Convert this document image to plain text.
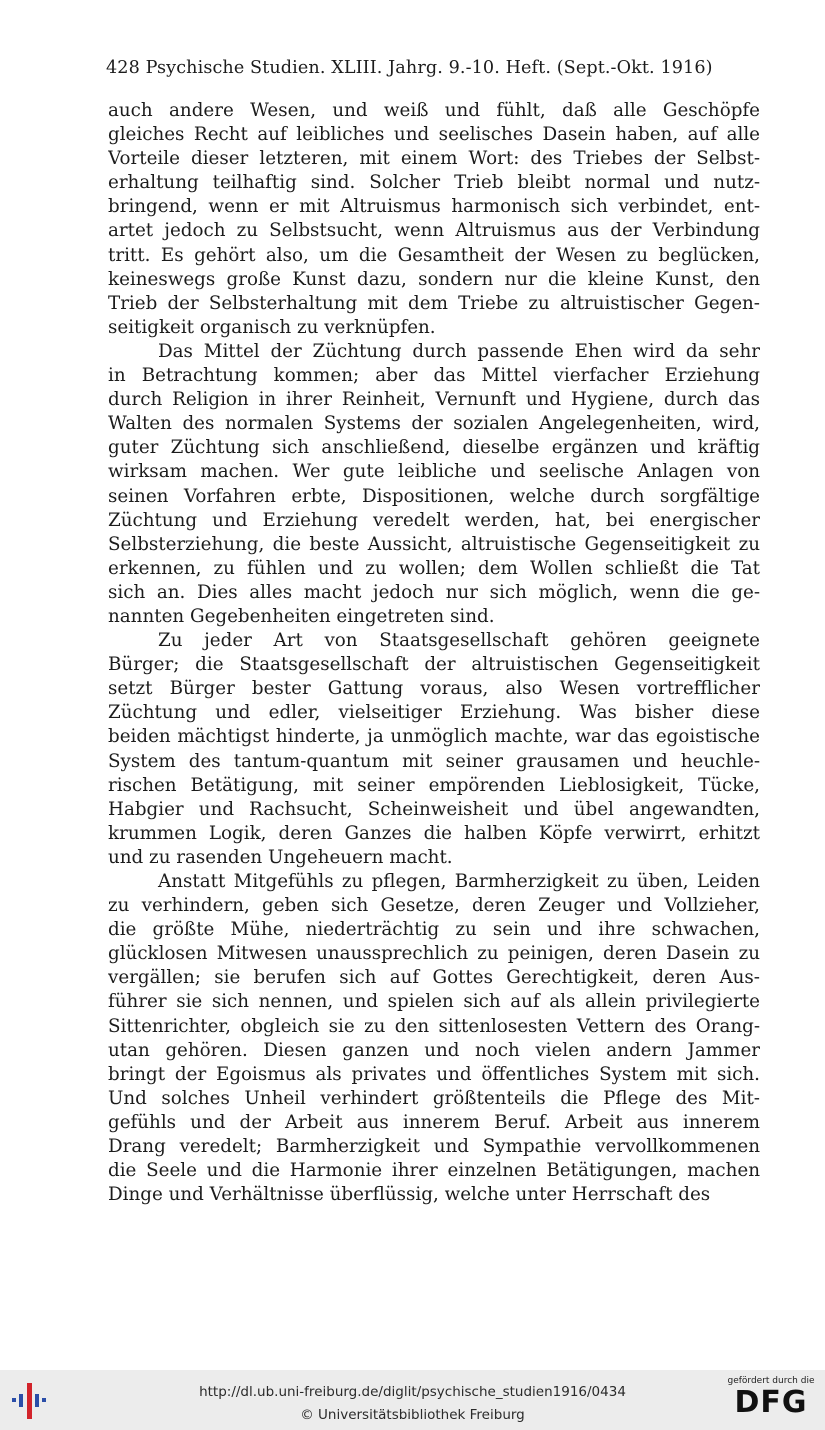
428 Psychische Studien. XLIII. Jahrg. 9.-10. Heft. (Sept.-Okt. 1916)
auch andere Wesen, und weiß und fühlt, daß alle Geschöpfe
gleiches Recht auf leibliches und seelisches Dasein haben, auf alle
Vorteile dieser letzteren, mit einem Wort: des Triebes der Selbst-
erhaltung teilhaftig sind. Solcher Trieb bleibt normal und nutz-
bringend, wenn er mit Altruismus harmonisch sich verbindet, ent-
artet jedoch zu Selbstsucht, wenn Altruismus aus der Verbindung
tritt. Es gehört also, um die Gesamtheit der Wesen zu beglücken,
keineswegs große Kunst dazu, sondern nur die kleine Kunst, den
Trieb der Selbsterhaltung mit dem Triebe zu altruistischer Gegen-
seitigkeit organisch zu verknüpfen.
Das Mittel der Züchtung durch passende Ehen wird da sehr
in Betrachtung kommen; aber das Mittel vierfacher Erziehung
durch Religion in ihrer Reinheit, Vernunft und Hygiene, durch das
Walten des normalen Systems der sozialen Angelegenheiten, wird,
guter Züchtung sich anschließend, dieselbe ergänzen und kräftig
wirksam machen. Wer gute leibliche und seelische Anlagen von
seinen Vorfahren erbte, Dispositionen, welche durch sorgfältige
Züchtung und Erziehung veredelt werden, hat, bei energischer
Selbsterziehung, die beste Aussicht, altruistische Gegenseitigkeit zu
erkennen, zu fühlen und zu wollen; dem Wollen schließt die Tat
sich an. Dies alles macht jedoch nur sich möglich, wenn die ge-
nannten Gegebenheiten eingetreten sind.
Zu jeder Art von Staatsgesellschaft gehören geeignete
Bürger; die Staatsgesellschaft der altruistischen Gegenseitigkeit
setzt Bürger bester Gattung voraus, also Wesen vortrefflicher
Züchtung und edler, vielseitiger Erziehung. Was bisher diese
beiden mächtigst hinderte, ja unmöglich machte, war das egoistische
System des tantum-quantum mit seiner grausamen und heuchle-
rischen Betätigung, mit seiner empörenden Lieblosigkeit, Tücke,
Habgier und Rachsucht, Scheinweisheit und übel angewandten,
krummen Logik, deren Ganzes die halben Köpfe verwirrt, erhitzt
und zu rasenden Ungeheuern macht.
Anstatt Mitgefühls zu pflegen, Barmherzigkeit zu üben, Leiden
zu verhindern, geben sich Gesetze, deren Zeuger und Vollzieher,
die größte Mühe, niederträchtig zu sein und ihre schwachen,
glücklosen Mitwesen unaussprechlich zu peinigen, deren Dasein zu
vergällen; sie berufen sich auf Gottes Gerechtigkeit, deren Aus-
führer sie sich nennen, und spielen sich auf als allein privilegierte
Sittenrichter, obgleich sie zu den sittenlosesten Vettern des Orang-
utan gehören. Diesen ganzen und noch vielen andern Jammer
bringt der Egoismus als privates und öffentliches System mit sich.
Und solches Unheil verhindert größtenteils die Pflege des Mit-
gefühls und der Arbeit aus innerem Beruf. Arbeit aus innerem
Drang veredelt; Barmherzigkeit und Sympathie vervollkommenen
die Seele und die Harmonie ihrer einzelnen Betätigungen, machen
Dinge und Verhältnisse überflüssig, welche unter Herrschaft des
http://dl.ub.uni-freiburg.de/diglit/psychische_studien1916/0434
© Universitätsbibliothek Freiburg
gefördert durch die
DFG
